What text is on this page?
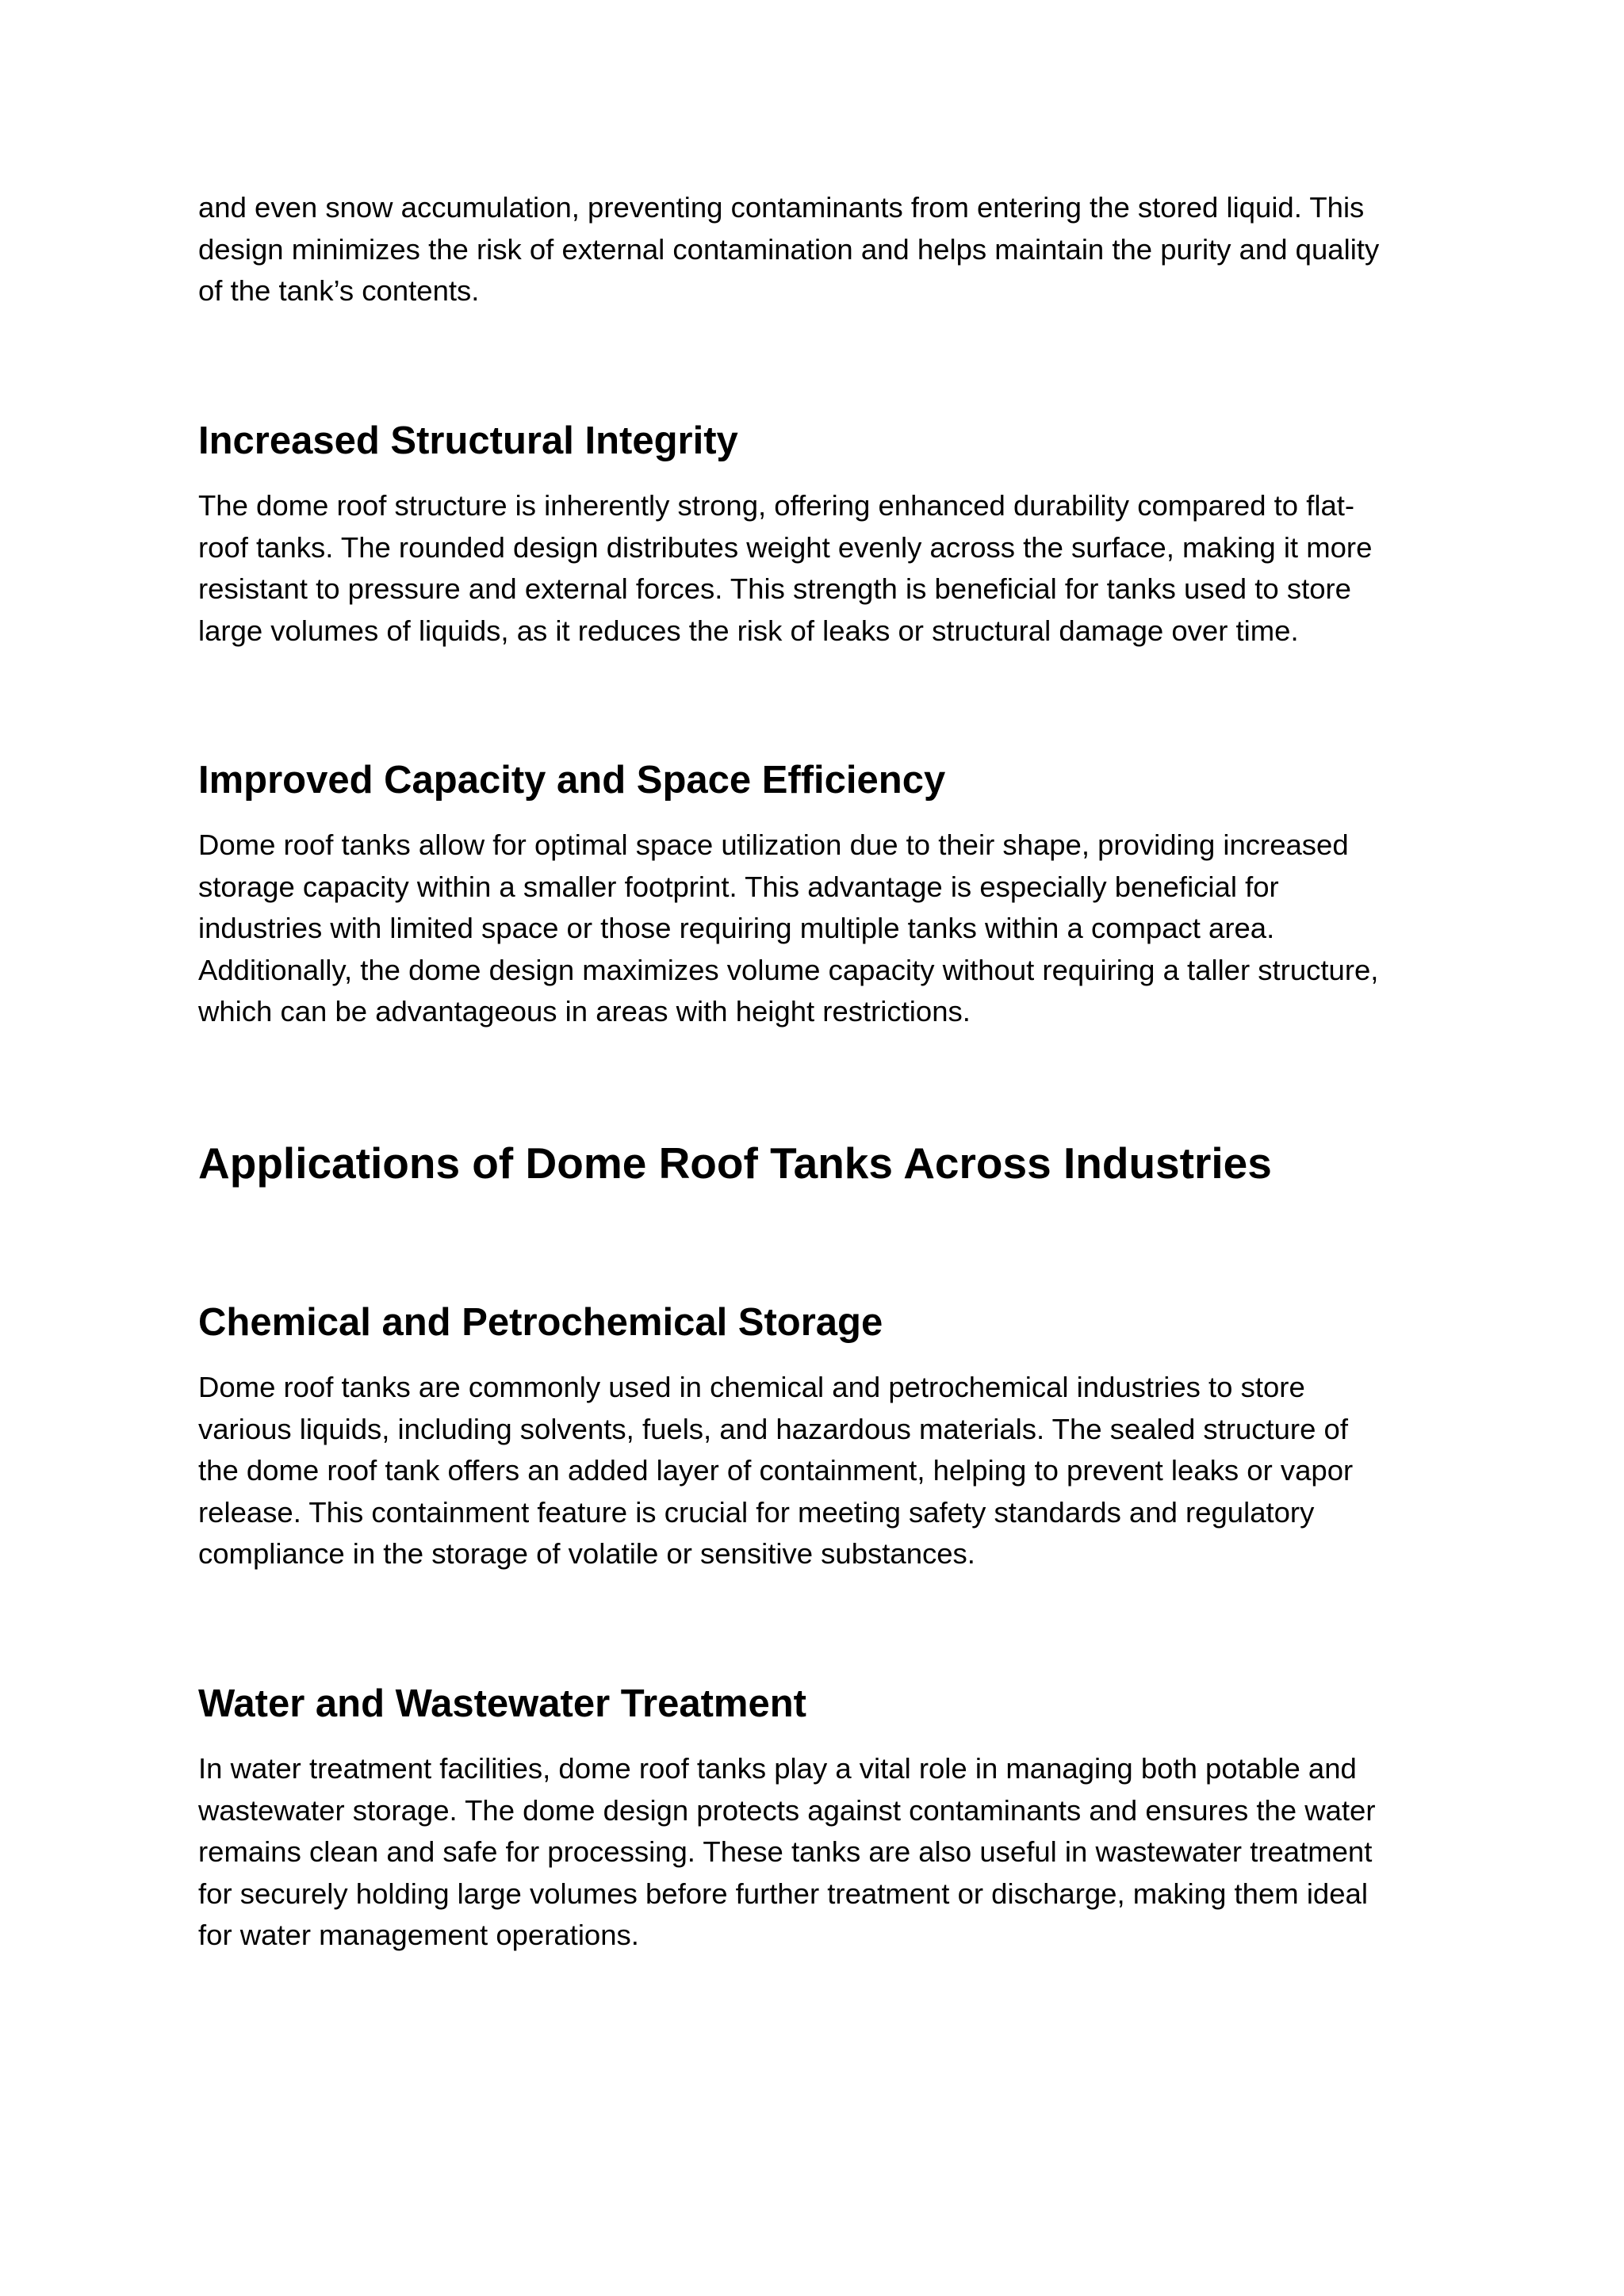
and even snow accumulation, preventing contaminants from entering the stored liquid. This
design minimizes the risk of external contamination and helps maintain the purity and quality
of the tank’s contents.

Increased Structural Integrity

The dome roof structure is inherently strong, offering enhanced durability compared to flat-
roof tanks. The rounded design distributes weight evenly across the surface, making it more
resistant to pressure and external forces. This strength is beneficial for tanks used to store
large volumes of liquids, as it reduces the risk of leaks or structural damage over time.

Improved Capacity and Space Efficiency

Dome roof tanks allow for optimal space utilization due to their shape, providing increased
storage capacity within a smaller footprint. This advantage is especially beneficial for
industries with limited space or those requiring multiple tanks within a compact area.
Additionally, the dome design maximizes volume capacity without requiring a taller structure,
which can be advantageous in areas with height restrictions.

Applications of Dome Roof Tanks Across Industries
Chemical and Petrochemical Storage

Dome roof tanks are commonly used in chemical and petrochemical industries to store
various liquids, including solvents, fuels, and hazardous materials. The sealed structure of
the dome roof tank offers an added layer of containment, helping to prevent leaks or vapor
release. This containment feature is crucial for meeting safety standards and regulatory
compliance in the storage of volatile or sensitive substances.

Water and Wastewater Treatment

In water treatment facilities, dome roof tanks play a vital role in managing both potable and
wastewater storage. The dome design protects against contaminants and ensures the water
remains clean and safe for processing. These tanks are also useful in wastewater treatment
for securely holding large volumes before further treatment or discharge, making them ideal
for water management operations.
